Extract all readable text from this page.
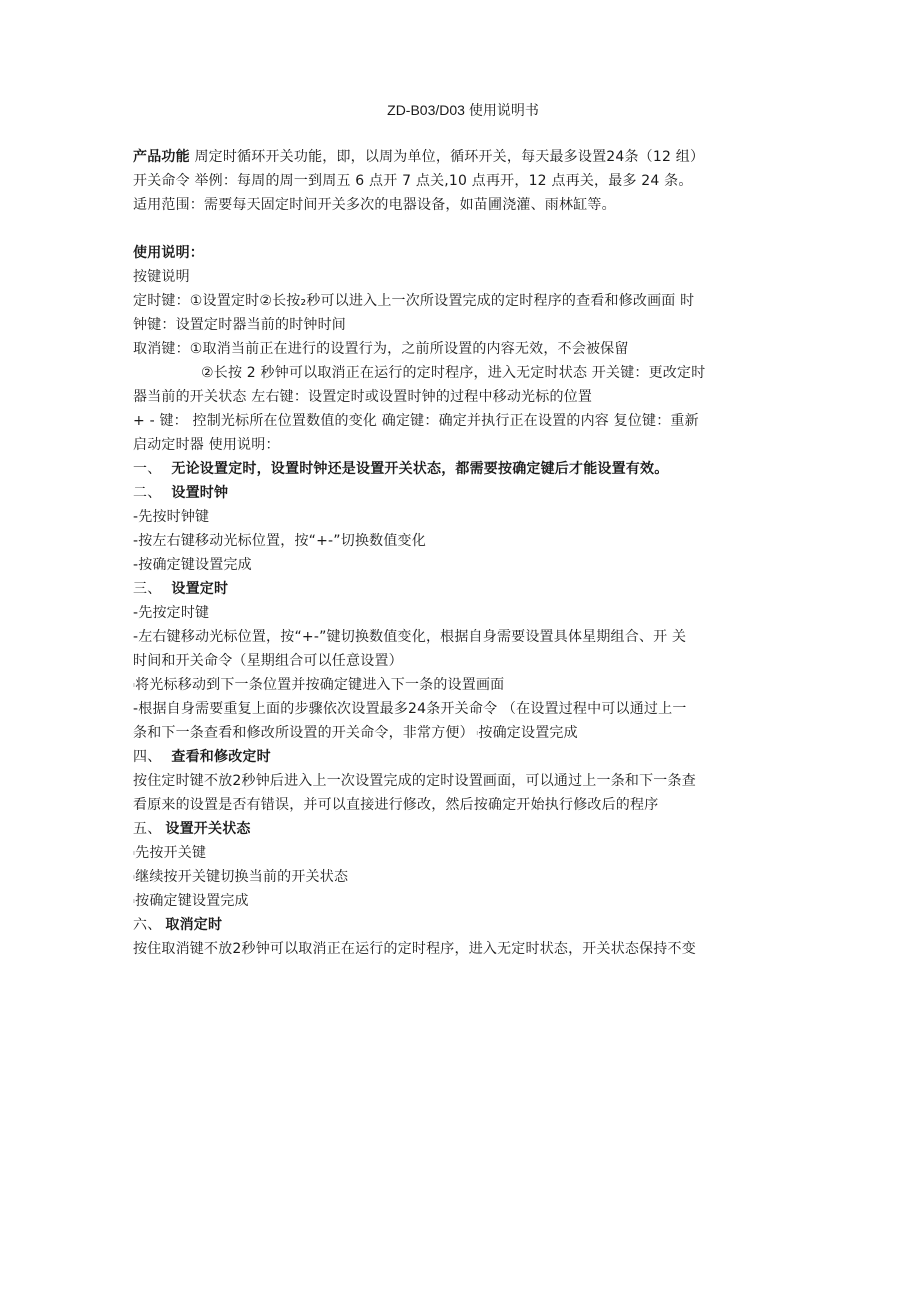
ZD-B03/D03 使用说明书
产品功能 周定时循环开关功能，即，以周为单位，循环开关，每天最多设置24条（12 组）
开关命令 举例：每周的周一到周五 6 点开 7 点关,10 点再开，12 点再关，最多 24 条。
适用范围：需要每天固定时间开关多次的电器设备，如苗圃浇灌、雨林缸等。
使用说明：
按键说明
定时键：①设置定时②长按₂秒可以进入上一次所设置完成的定时程序的查看和修改画面 时
钟键：设置定时器当前的时钟时间
取消键：①取消当前正在进行的设置行为，之前所设置的内容无效，不会被保留
②长按 2 秒钟可以取消正在运行的定时程序，进入无定时状态 开关键：更改定时
器当前的开关状态 左右键：设置定时或设置时钟的过程中移动光标的位置
+ - 键： 控制光标所在位置数值的变化 确定键：确定并执行正在设置的内容 复位键：重新
启动定时器 使用说明：
一、 无论设置定时，设置时钟还是设置开关状态，都需要按确定键后才能设置有效。
二、 设置时钟
-先按时钟键
-按左右键移动光标位置，按“+-”切换数值变化
-按确定键设置完成
三、 设置定时
-先按定时键
-左右键移动光标位置，按“+-”键切换数值变化，根据自身需要设置具体星期组合、开 关
时间和开关命令（星期组合可以任意设置）
ı将光标移动到下一条位置并按确定键进入下一条的设置画面
-根据自身需要重复上面的步骤依次设置最多24条开关命令 （在设置过程中可以通过上一
条和下一条查看和修改所设置的开关命令，非常方便） ı按确定设置完成
四、 查看和修改定时
按住定时键不放2秒钟后进入上一次设置完成的定时设置画面，可以通过上一条和下一条查
看原来的设置是否有错误，并可以直接进行修改，然后按确定开始执行修改后的程序
五、 设置开关状态
ı先按开关键
ı继续按开关键切换当前的开关状态
ı按确定键设置完成
六、 取消定时
按住取消键不放2秒钟可以取消正在运行的定时程序，进入无定时状态，开关状态保持不变
